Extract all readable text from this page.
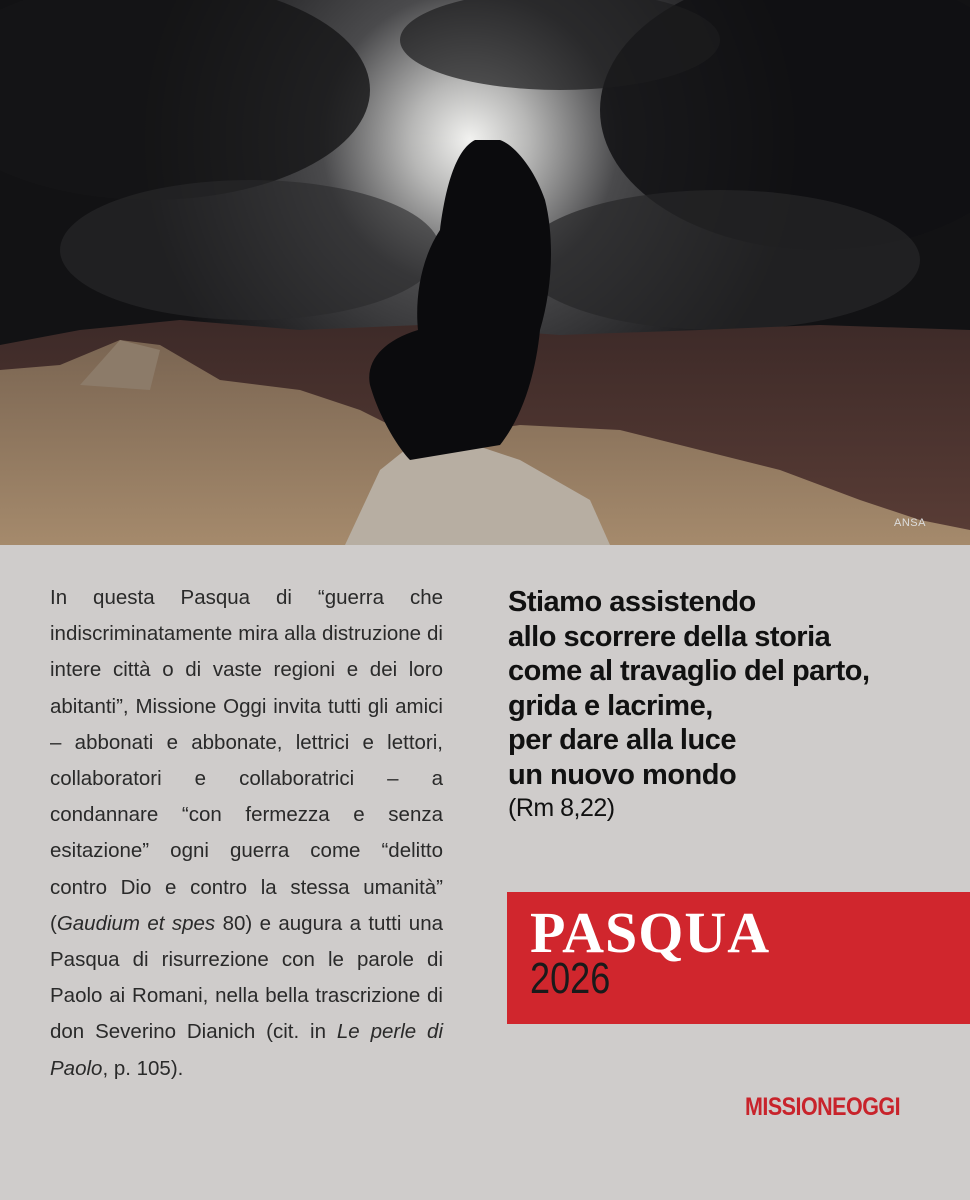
ANSA

In questa Pasqua di “guerra che indiscriminatamente mira alla distruzione di intere città o di vaste regioni e dei loro abitanti”, Missione Oggi invita tutti gli amici – abbonati e abbonate, lettrici e lettori, collaboratori e collaboratrici – a condannare “con fermezza e senza esitazione” ogni guerra come “delitto contro Dio e contro la stessa umanità” (Gaudium et spes 80) e augura a tutti una Pasqua di risurrezione con le parole di Paolo ai Romani, nella bella trascrizione di don Severino Dianich (cit. in Le perle di Paolo, p. 105).

Stiamo assistendo
allo scorrere della storia
come al travaglio del parto,
grida e lacrime,
per dare alla luce
un nuovo mondo
(Rm 8,22)
PASQUA
2026
MISSIONEOGGI
